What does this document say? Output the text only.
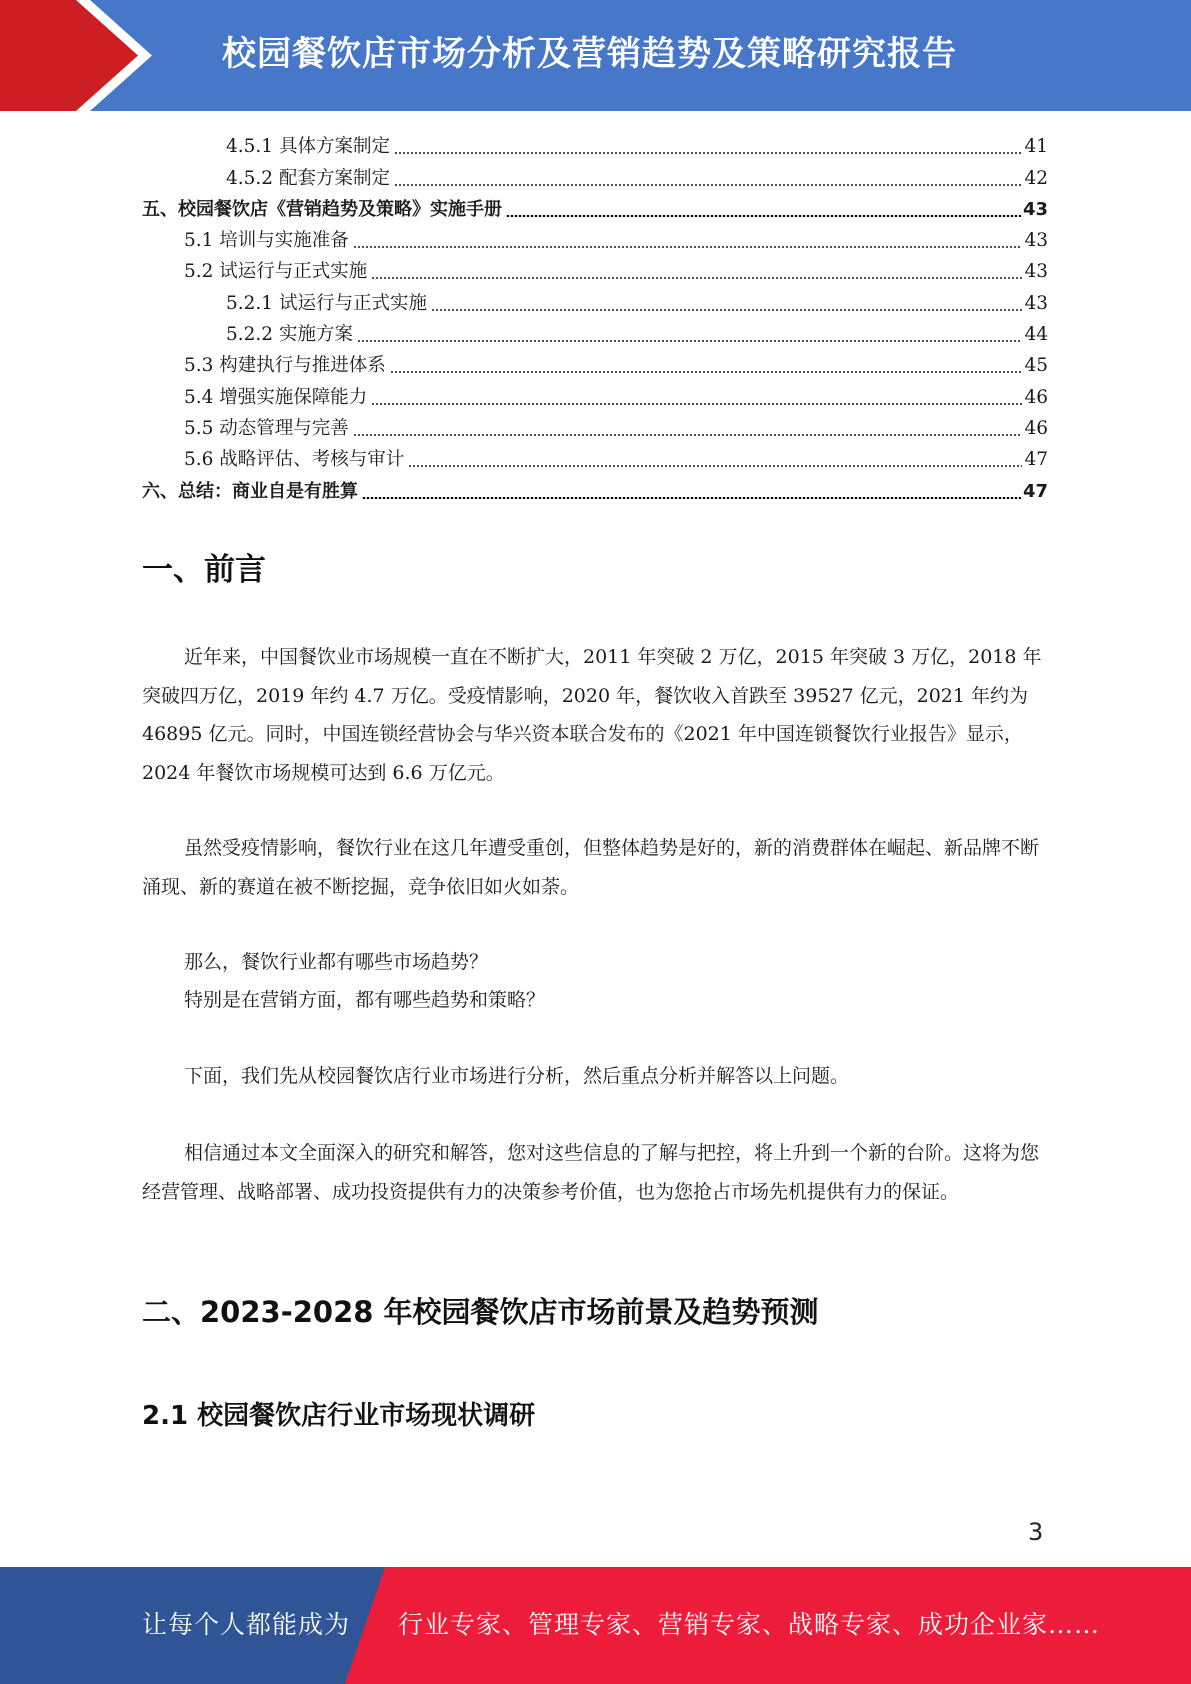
校园餐饮店市场分析及营销趋势及策略研究报告
4.5.1 具体方案制定	41
4.5.2 配套方案制定	42
五、校园餐饮店《营销趋势及策略》实施手册	43
5.1 培训与实施准备	43
5.2 试运行与正式实施	43
5.2.1 试运行与正式实施	43
5.2.2 实施方案	44
5.3 构建执行与推进体系	45
5.4 增强实施保障能力	46
5.5 动态管理与完善	46
5.6 战略评估、考核与审计	47
六、总结：商业自是有胜算	47
一、前言

近年来，中国餐饮业市场规模一直在不断扩大，2011 年突破 2 万亿，2015 年突破 3 万亿，2018 年突破四万亿，2019 年约 4.7 万亿。受疫情影响，2020 年，餐饮收入首跌至 39527 亿元，2021 年约为 46895 亿元。同时，中国连锁经营协会与华兴资本联合发布的《2021 年中国连锁餐饮行业报告》显示，2024 年餐饮市场规模可达到 6.6 万亿元。

虽然受疫情影响，餐饮行业在这几年遭受重创，但整体趋势是好的，新的消费群体在崛起、新品牌不断涌现、新的赛道在被不断挖掘，竞争依旧如火如荼。

那么，餐饮行业都有哪些市场趋势？
特别是在营销方面，都有哪些趋势和策略？

下面，我们先从校园餐饮店行业市场进行分析，然后重点分析并解答以上问题。

相信通过本文全面深入的研究和解答，您对这些信息的了解与把控，将上升到一个新的台阶。这将为您经营管理、战略部署、成功投资提供有力的决策参考价值，也为您抢占市场先机提供有力的保证。

二、2023-2028 年校园餐饮店市场前景及趋势预测
2.1 校园餐饮店行业市场现状调研
3
让每个人都能成为 行业专家、管理专家、营销专家、战略专家、成功企业家……
